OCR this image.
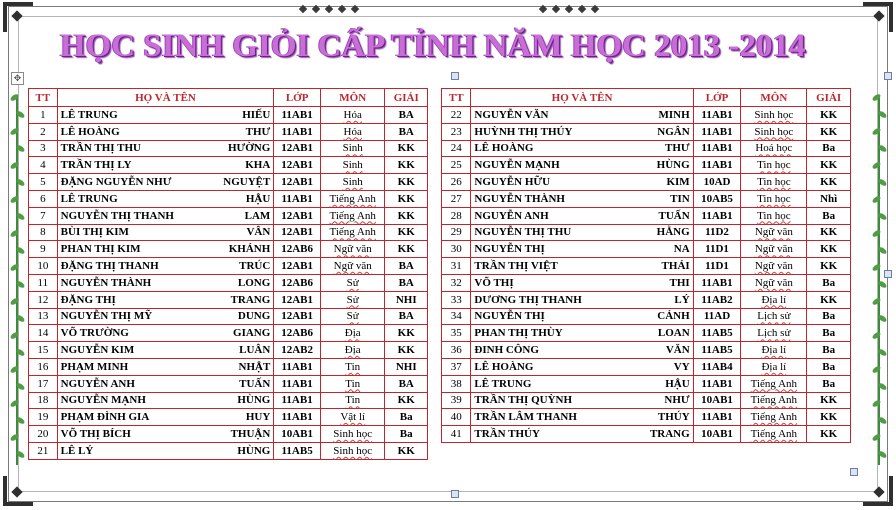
✥
HỌC SINH GIỎI CẤP TỈNH NĂM HỌC 2013 -2014
TT	HỌ VÀ TÊN	LỚP	MÔN	GIẢI
1	LÊ TRUNG HIẾU	11AB1	Hóa	BA
2	LÊ HOÀNG THƯ	11AB1	Hóa	BA
3	TRẦN THỊ THU HƯỜNG	12AB1	Sinh	KK
4	TRẦN THỊ LY KHA	12AB1	Sinh	KK
5	ĐẶNG NGUYỄN NHƯ NGUYỆT	12AB1	Sinh	KK
6	LÊ TRUNG HẬU	11AB1	Tiếng Anh	KK
7	NGUYỄN THỊ THANH LAM	12AB1	Tiếng Anh	KK
8	BÙI THỊ KIM VÂN	12AB1	Tiếng Anh	KK
9	PHAN THỊ KIM KHÁNH	12AB6	Ngữ văn	KK
10	ĐẶNG THỊ THANH TRÚC	12AB1	Ngữ văn	BA
11	NGUYỄN THÀNH LONG	12AB6	Sử	BA
12	ĐẶNG THỊ TRANG	12AB1	Sử	NHI
13	NGUYỄN THỊ MỸ DUNG	12AB1	Sử	BA
14	VÕ TRƯỜNG GIANG	12AB6	Địa	KK
15	NGUYỄN KIM LUÂN	12AB2	Địa	KK
16	PHẠM MINH NHẬT	11AB1	Tin	NHI
17	NGUYỄN ANH TUẤN	11AB1	Tin	BA
18	NGUYỄN MẠNH HÙNG	11AB1	Tin	KK
19	PHẠM ĐÌNH GIA HUY	11AB1	Vật lí	Ba
20	VÕ THỊ BÍCH THUẬN	10AB1	Sinh học	Ba
21	LÊ LÝ HÙNG	11AB5	Sinh học	KK
TT	HỌ VÀ TÊN	LỚP	MÔN	GIẢI
22	NGUYỄN VĂN MINH	11AB1	Sinh học	KK
23	HUỲNH THỊ THÚY NGÂN	11AB1	Sinh học	KK
24	LÊ HOÀNG THƯ	11AB1	Hoá học	Ba
25	NGUYỄN MẠNH HÙNG	11AB1	Tin học	KK
26	NGUYỄN HỮU KIM	10AD	Tin học	KK
27	NGUYỄN THÀNH TIN	10AB5	Tin học	Nhì
28	NGUYỄN ANH TUẤN	11AB1	Tin học	Ba
29	NGUYỄN THỊ THU HẰNG	11D2	Ngữ văn	KK
30	NGUYỄN THỊ NA	11D1	Ngữ văn	KK
31	TRẦN THỊ VIỆT THÁI	11D1	Ngữ văn	KK
32	VÕ THỊ THI	11AB1	Ngữ văn	Ba
33	DƯƠNG THỊ THANH LÝ	11AB2	Địa lí	KK
34	NGUYỄN THỊ CẢNH	11AD	Lịch sử	Ba
35	PHAN THỊ THÙY LOAN	11AB5	Lịch sử	Ba
36	ĐINH CÔNG VĂN	11AB5	Địa lí	Ba
37	LÊ HOÀNG VY	11AB4	Địa lí	Ba
38	LÊ TRUNG HẬU	11AB1	Tiếng Anh	Ba
39	TRẦN THỊ QUỲNH NHƯ	10AB1	Tiếng Anh	KK
40	TRẦN LÂM THANH THÚY	11AB1	Tiếng Anh	KK
41	TRẦN THÚY TRANG	10AB1	Tiếng Anh	KK
